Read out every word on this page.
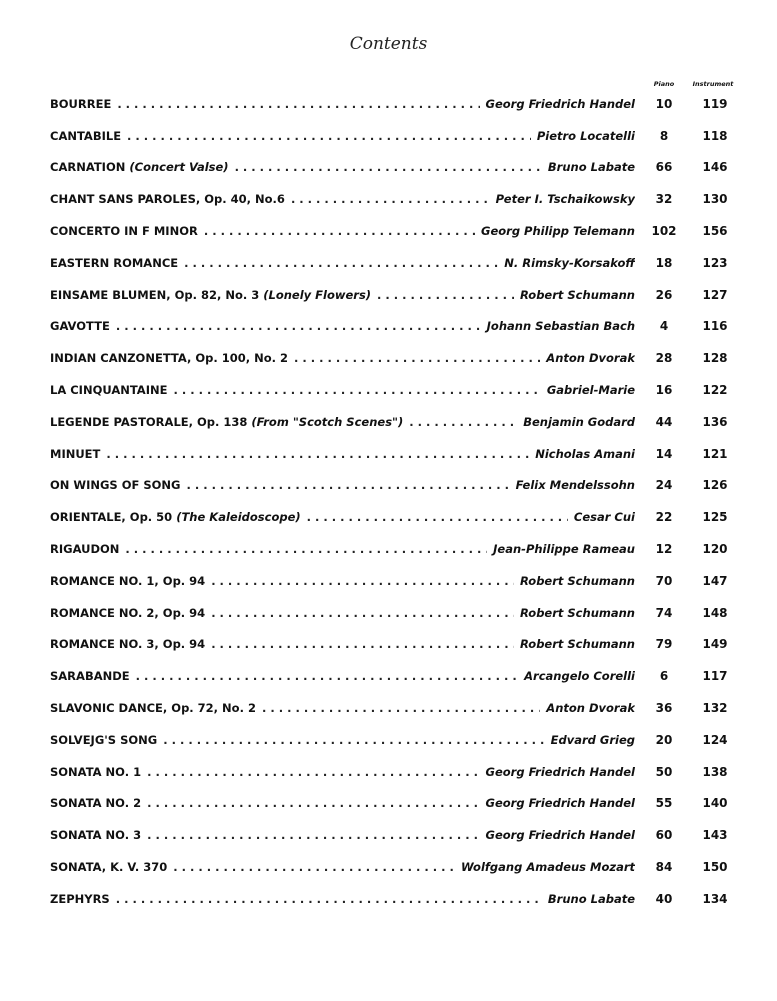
Contents
Piano	Instrument
BOURREE . . .	Georg Friedrich Handel	10	119
CANTABILE . . .	Pietro Locatelli	8	118
CARNATION (Concert Valse) . . .	Bruno Labate	66	146
CHANT SANS PAROLES, Op. 40, No.6 . . .	Peter I. Tschaikowsky	32	130
CONCERTO IN F MINOR . . .	Georg Philipp Telemann	102	156
EASTERN ROMANCE . . .	N. Rimsky-Korsakoff	18	123
EINSAME BLUMEN, Op. 82, No. 3 (Lonely Flowers) . . .	Robert Schumann	26	127
GAVOTTE . . .	Johann Sebastian Bach	4	116
INDIAN CANZONETTA, Op. 100, No. 2 . . .	Anton Dvorak	28	128
LA CINQUANTAINE . . .	Gabriel-Marie	16	122
LEGENDE PASTORALE, Op. 138 (From "Scotch Scenes") . . .	Benjamin Godard	44	136
MINUET . . .	Nicholas Amani	14	121
ON WINGS OF SONG . . .	Felix Mendelssohn	24	126
ORIENTALE, Op. 50 (The Kaleidoscope) . . .	Cesar Cui	22	125
RIGAUDON . . .	Jean-Philippe Rameau	12	120
ROMANCE NO. 1, Op. 94 . . .	Robert Schumann	70	147
ROMANCE NO. 2, Op. 94 . . .	Robert Schumann	74	148
ROMANCE NO. 3, Op. 94 . . .	Robert Schumann	79	149
SARABANDE . . .	Arcangelo Corelli	6	117
SLAVONIC DANCE, Op. 72, No. 2 . . .	Anton Dvorak	36	132
SOLVEJG'S SONG . . .	Edvard Grieg	20	124
SONATA NO. 1 . . .	Georg Friedrich Handel	50	138
SONATA NO. 2 . . .	Georg Friedrich Handel	55	140
SONATA NO. 3 . . .	Georg Friedrich Handel	60	143
SONATA, K. V. 370 . . .	Wolfgang Amadeus Mozart	84	150
ZEPHYRS . . .	Bruno Labate	40	134
